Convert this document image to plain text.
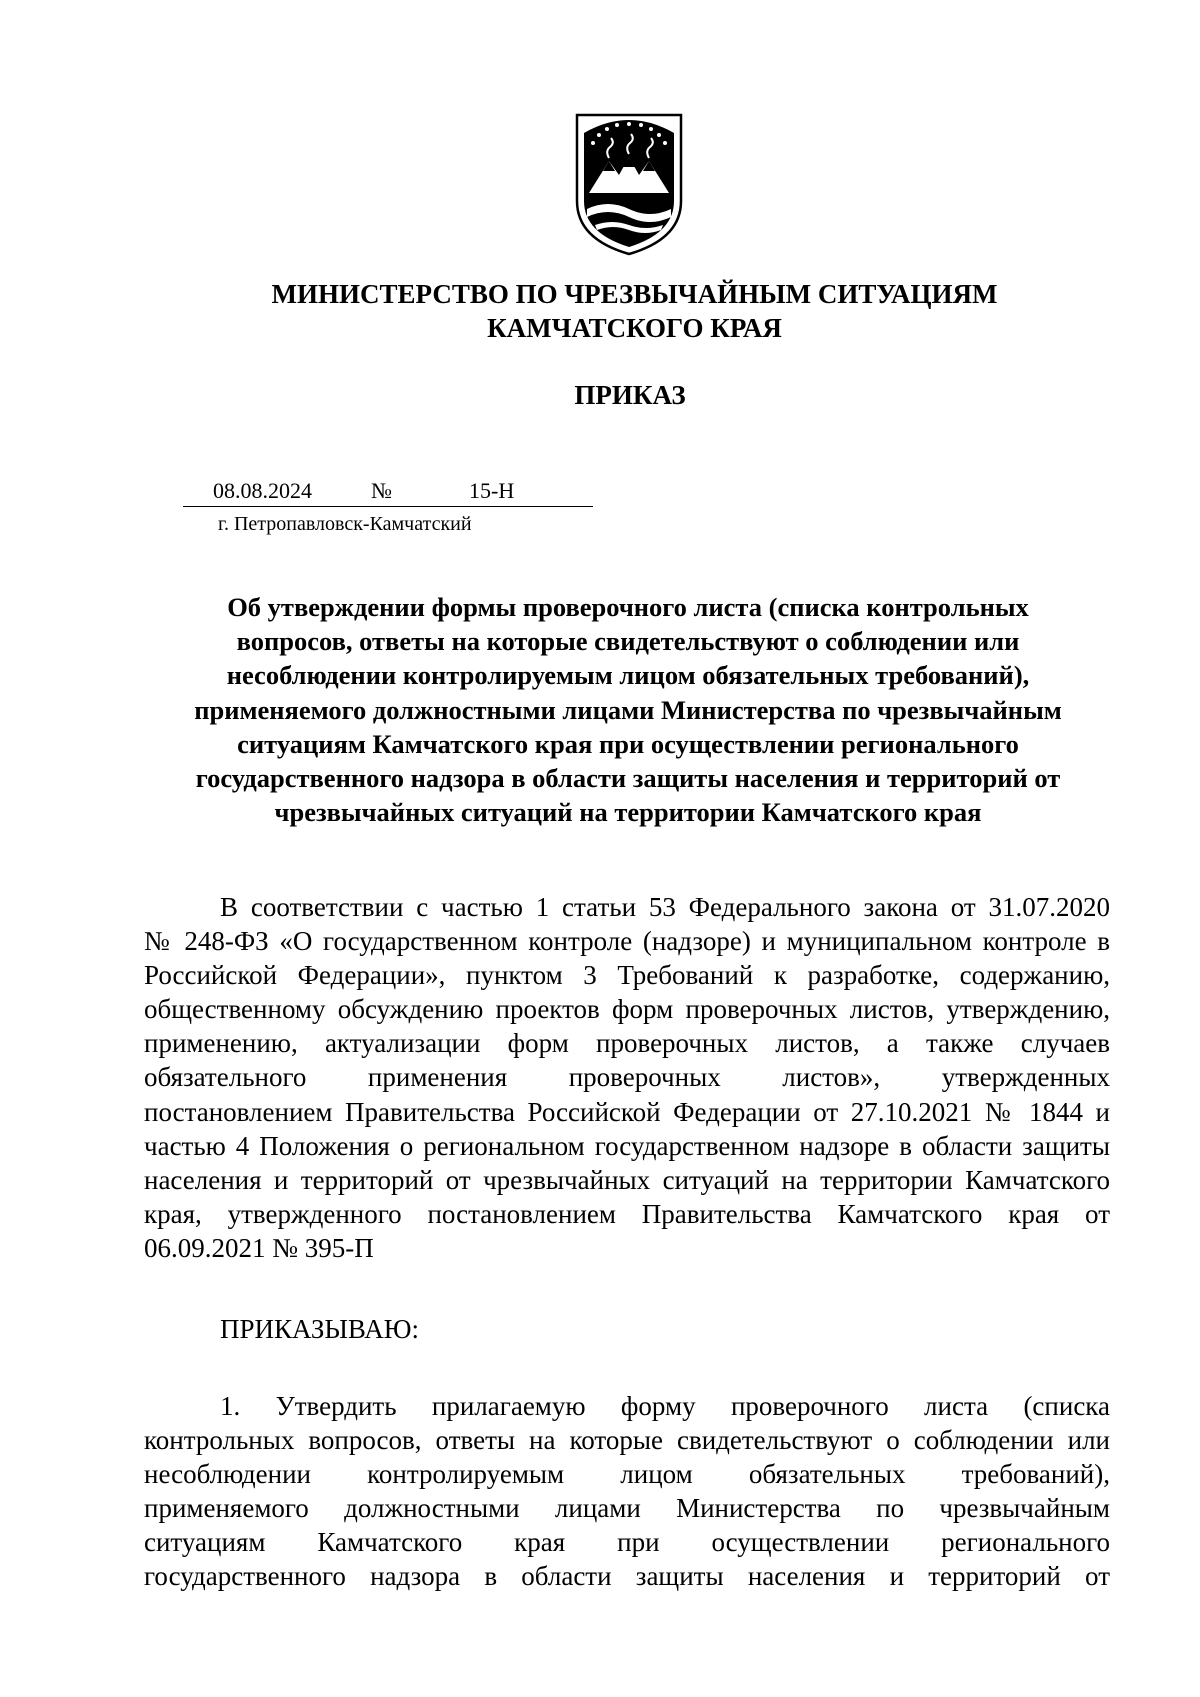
МИНИСТЕРСТВО ПО ЧРЕЗВЫЧАЙНЫМ СИТУАЦИЯМ
КАМЧАТСКОГО КРАЯ
ПРИКАЗ
08.08.2024	№	15-Н
г. Петропавловск-Камчатский
Об утверждении формы проверочного листа (списка контрольных
вопросов, ответы на которые свидетельствуют о соблюдении или
несоблюдении контролируемым лицом обязательных требований),
применяемого должностными лицами Министерства по чрезвычайным
ситуациям Камчатского края при осуществлении регионального
государственного надзора в области защиты населения и территорий от
чрезвычайных ситуаций на территории Камчатского края
В соответствии с частью 1 статьи 53 Федерального закона от 31.07.2020
№ 248-ФЗ «О государственном контроле (надзоре) и муниципальном контроле в
Российской Федерации», пунктом 3 Требований к разработке, содержанию,
общественному обсуждению проектов форм проверочных листов, утверждению,
применению, актуализации форм проверочных листов, а также случаев
обязательного применения проверочных листов», утвержденных
постановлением Правительства Российской Федерации от 27.10.2021 № 1844 и
частью 4 Положения о региональном государственном надзоре в области защиты
населения и территорий от чрезвычайных ситуаций на территории Камчатского
края, утвержденного постановлением Правительства Камчатского края от
06.09.2021 № 395-П
ПРИКАЗЫВАЮ:
1. Утвердить прилагаемую форму проверочного листа (списка
контрольных вопросов, ответы на которые свидетельствуют о соблюдении или
несоблюдении контролируемым лицом обязательных требований),
применяемого должностными лицами Министерства по чрезвычайным
ситуациям Камчатского края при осуществлении регионального
государственного надзора в области защиты населения и территорий от
